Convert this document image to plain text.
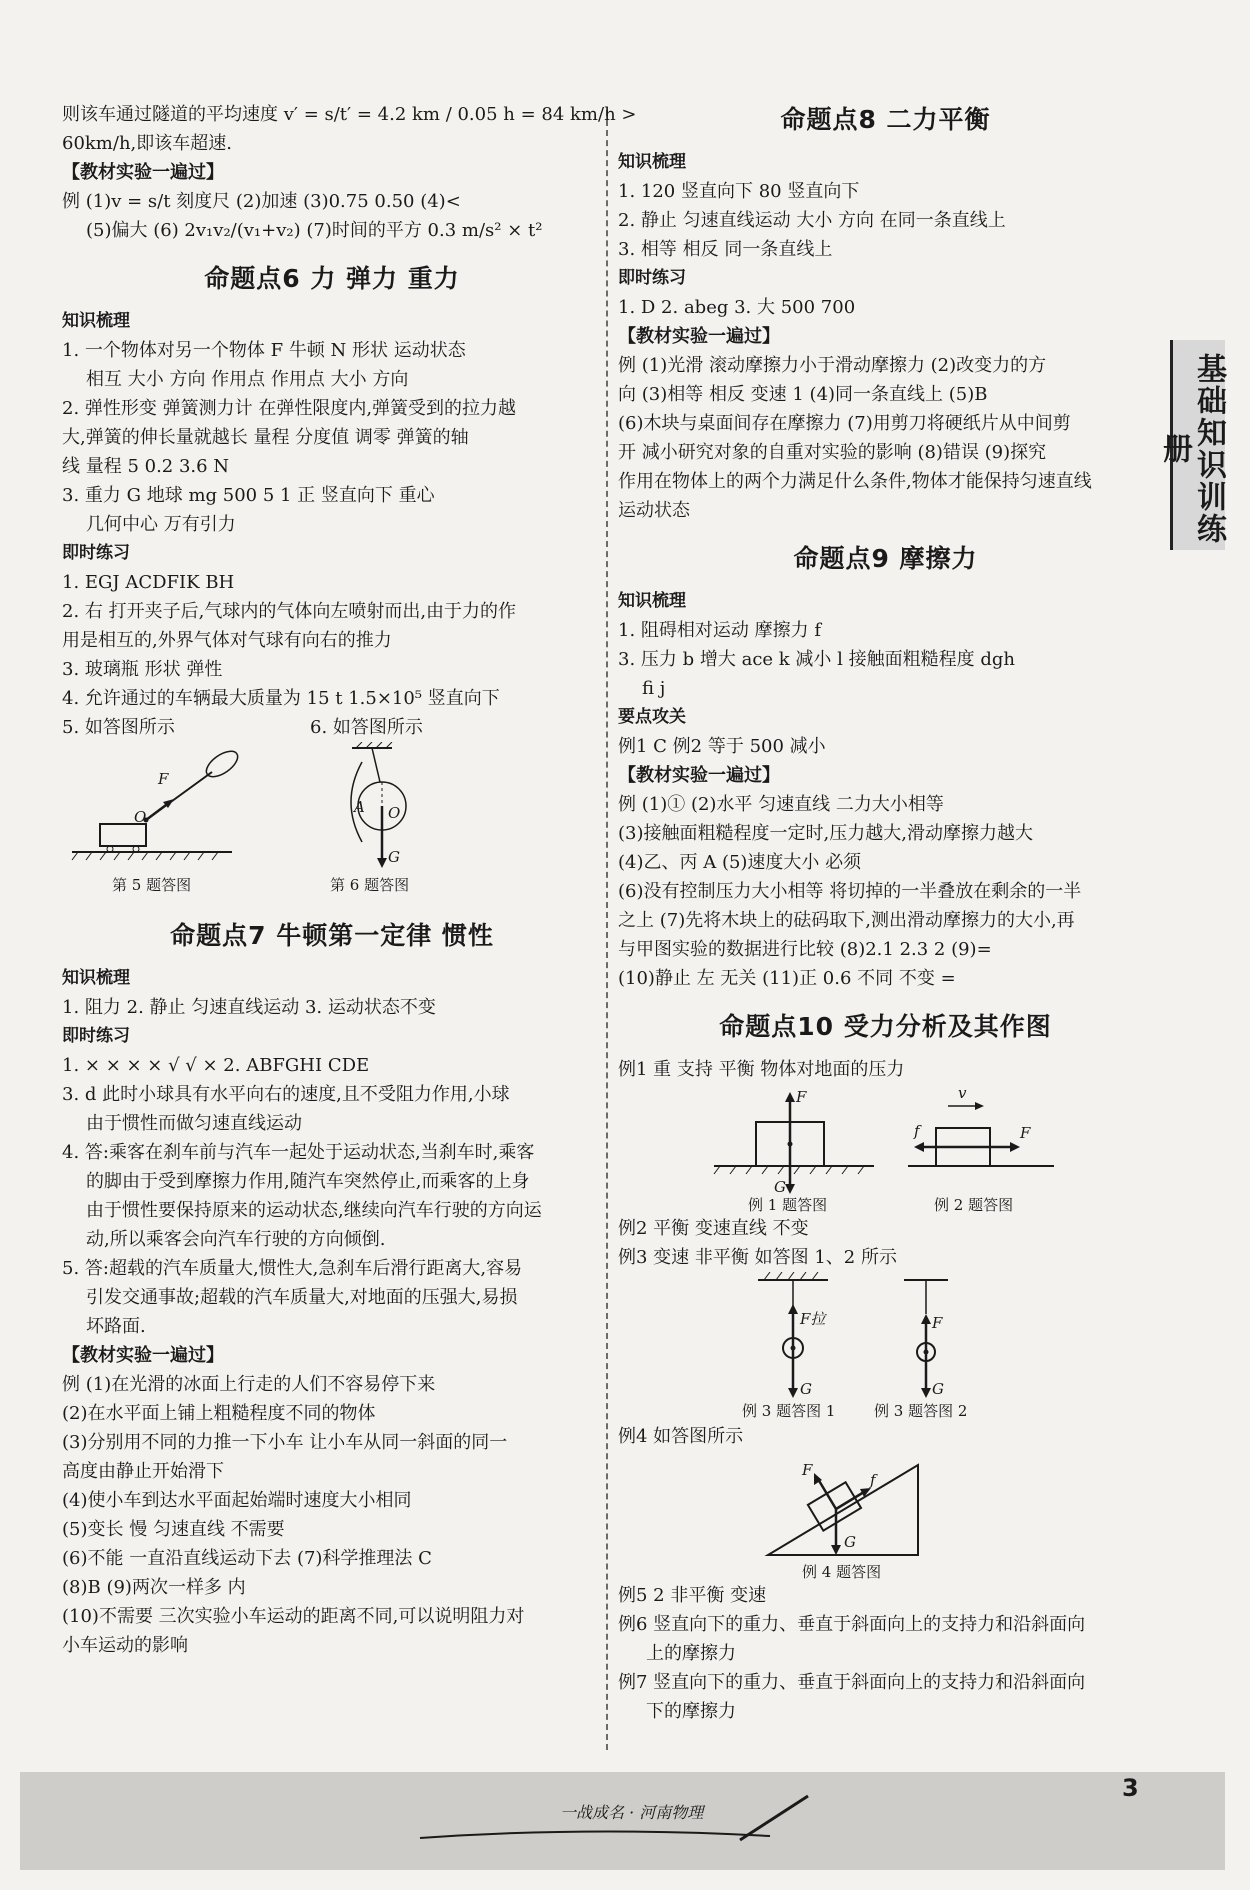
基础知识训练册
则该车通过隧道的平均速度 v′ = s/t′ = 4.2 km / 0.05 h = 84 km/h >
60km/h,即该车超速.
【教材实验一遍过】
例 (1)v = s/t 刻度尺 (2)加速 (3)0.75 0.50 (4)<
(5)偏大 (6) 2v₁v₂/(v₁+v₂) (7)时间的平方 0.3 m/s² × t²
命题点6 力 弹力 重力
知识梳理
1. 一个物体对另一个物体 F 牛顿 N 形状 运动状态
相互 大小 方向 作用点 作用点 大小 方向
2. 弹性形变 弹簧测力计 在弹性限度内,弹簧受到的拉力越
大,弹簧的伸长量就越长 量程 分度值 调零 弹簧的轴
线 量程 5 0.2 3.6 N
3. 重力 G 地球 mg 500 5 1 正 竖直向下 重心
几何中心 万有引力
即时练习
1. EGJ ACDFIK BH
2. 右 打开夹子后,气球内的气体向左喷射而出,由于力的作
用是相互的,外界气体对气球有向右的推力
3. 玻璃瓶 形状 弹性
4. 允许通过的车辆最大质量为 15 t 1.5×10⁵ 竖直向下
5. 如答图所示	6. 如答图所示
F
O
A O
G
第 5 题答图	第 6 题答图
命题点7 牛顿第一定律 惯性
知识梳理
1. 阻力 2. 静止 匀速直线运动 3. 运动状态不变
即时练习
1. × × × × √ √ × 2. ABFGHI CDE
3. d 此时小球具有水平向右的速度,且不受阻力作用,小球
由于惯性而做匀速直线运动
4. 答:乘客在刹车前与汽车一起处于运动状态,当刹车时,乘客
的脚由于受到摩擦力作用,随汽车突然停止,而乘客的上身
由于惯性要保持原来的运动状态,继续向汽车行驶的方向运
动,所以乘客会向汽车行驶的方向倾倒.
5. 答:超载的汽车质量大,惯性大,急刹车后滑行距离大,容易
引发交通事故;超载的汽车质量大,对地面的压强大,易损
坏路面.
【教材实验一遍过】
例 (1)在光滑的冰面上行走的人们不容易停下来
(2)在水平面上铺上粗糙程度不同的物体
(3)分别用不同的力推一下小车 让小车从同一斜面的同一
高度由静止开始滑下
(4)使小车到达水平面起始端时速度大小相同
(5)变长 慢 匀速直线 不需要
(6)不能 一直沿直线运动下去 (7)科学推理法 C
(8)B (9)两次一样多 内
(10)不需要 三次实验小车运动的距离不同,可以说明阻力对
小车运动的影响
命题点8 二力平衡
知识梳理
1. 120 竖直向下 80 竖直向下
2. 静止 匀速直线运动 大小 方向 在同一条直线上
3. 相等 相反 同一条直线上
即时练习
1. D 2. abeg 3. 大 500 700
【教材实验一遍过】
例 (1)光滑 滚动摩擦力小于滑动摩擦力 (2)改变力的方
向 (3)相等 相反 变速 1 (4)同一条直线上 (5)B
(6)木块与桌面间存在摩擦力 (7)用剪刀将硬纸片从中间剪
开 减小研究对象的自重对实验的影响 (8)错误 (9)探究
作用在物体上的两个力满足什么条件,物体才能保持匀速直线
运动状态
命题点9 摩擦力
知识梳理
1. 阻碍相对运动 摩擦力 f
3. 压力 b 增大 ace k 减小 l 接触面粗糙程度 dgh
fi j
要点攻关
例1 C 例2 等于 500 减小
【教材实验一遍过】
例 (1)① (2)水平 匀速直线 二力大小相等
(3)接触面粗糙程度一定时,压力越大,滑动摩擦力越大
(4)乙、丙 A (5)速度大小 必须
(6)没有控制压力大小相等 将切掉的一半叠放在剩余的一半
之上 (7)先将木块上的砝码取下,测出滑动摩擦力的大小,再
与甲图实验的数据进行比较 (8)2.1 2.3 2 (9)=
(10)静止 左 无关 (11)正 0.6 不同 不变 =
命题点10 受力分析及其作图
例1 重 支持 平衡 物体对地面的压力
F
G
v
f	F
例 1 题答图	例 2 题答图
例2 平衡 变速直线 不变
例3 变速 非平衡 如答图 1、2 所示
F拉
G
F
G
例 3 题答图 1	例 3 题答图 2
例4 如答图所示
F
f
G
例 4 题答图
例5 2 非平衡 变速
例6 竖直向下的重力、垂直于斜面向上的支持力和沿斜面向
上的摩擦力
例7 竖直向下的重力、垂直于斜面向上的支持力和沿斜面向
下的摩擦力
一战成名 · 河南物理
3
